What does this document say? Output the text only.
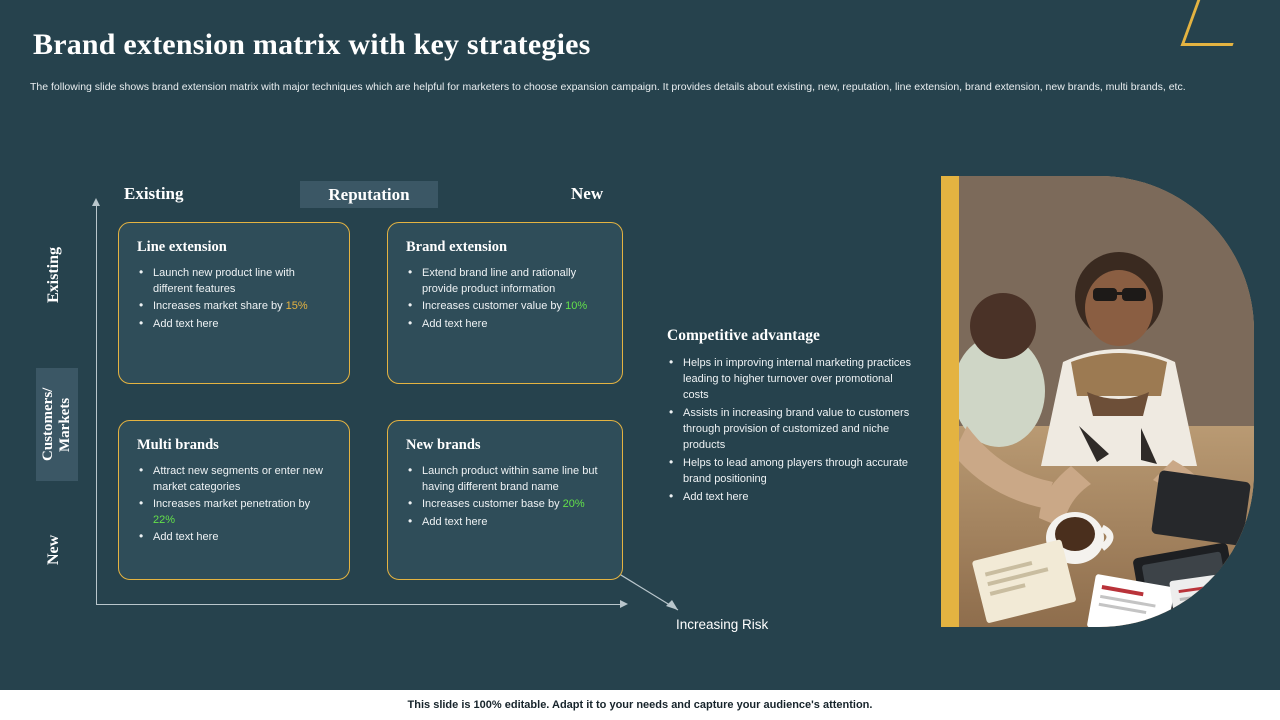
Brand extension matrix with key strategies
The following slide shows brand extension matrix with major techniques which are helpful for marketers to choose expansion campaign. It provides details about existing, new, reputation, line extension, brand extension, new brands, multi brands, etc.
Existing	Reputation	New
Existing
Customers/ Markets
New
Increasing Risk
Line extension
• Launch new product line with different features
• Increases market share by 15%
• Add text here
Brand extension
• Extend brand line and rationally provide product information
• Increases customer value by 10%
• Add text here
Multi brands
• Attract new segments or enter new market categories
• Increases market penetration by 22%
• Add text here
New brands
• Launch product within same line but having different brand name
• Increases customer base by 20%
• Add text here
Competitive advantage
• Helps in improving internal marketing practices leading to higher turnover over promotional costs
• Assists in increasing brand value to customers through provision of customized and niche products
• Helps to lead among players through accurate brand positioning
• Add text here
This slide is 100% editable. Adapt it to your needs and capture your audience's attention.
